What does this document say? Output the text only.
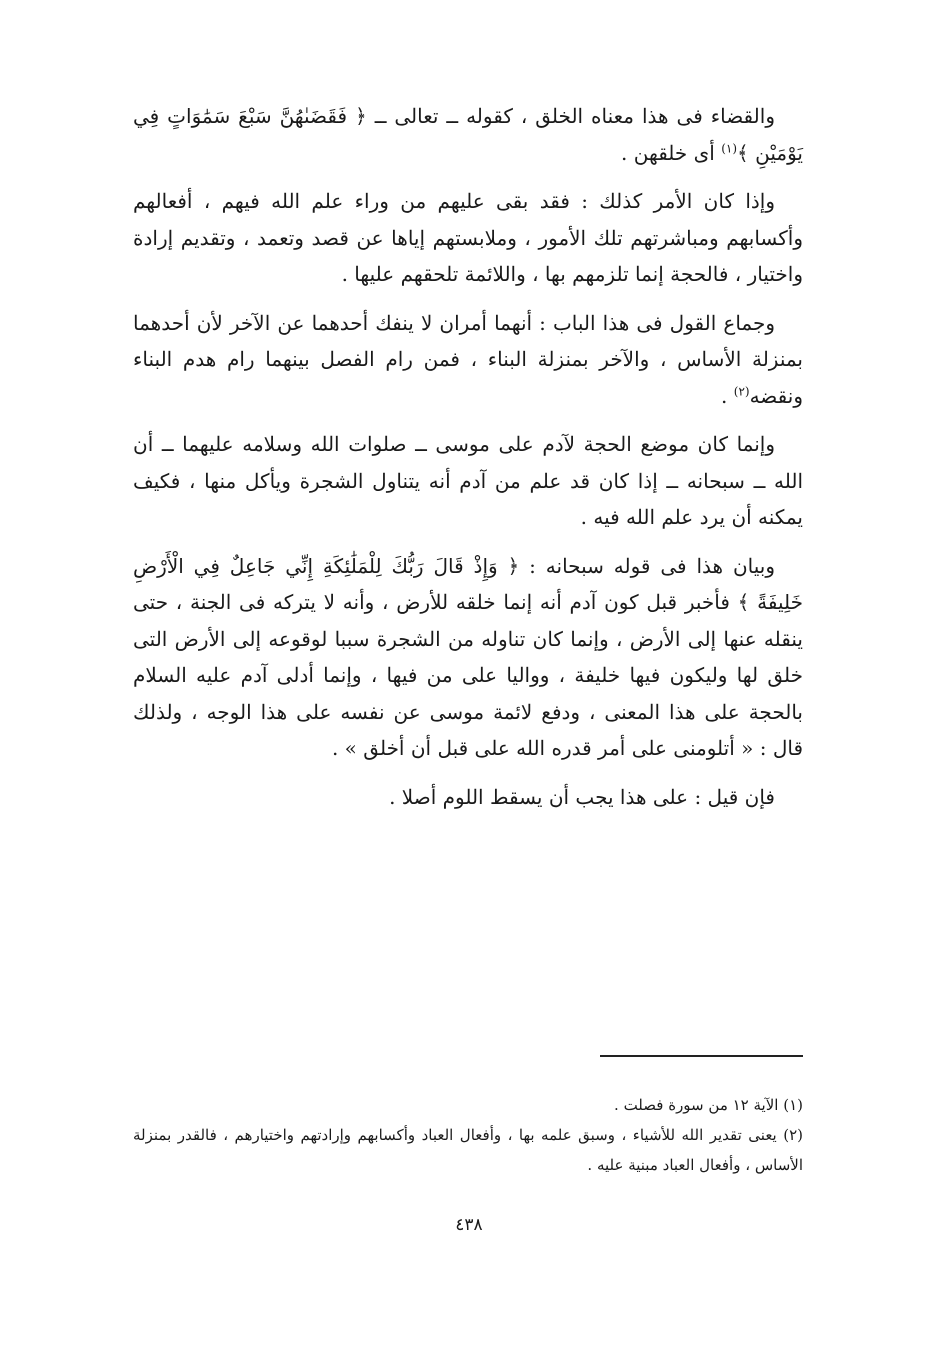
والقضاء فى هذا معناه الخلق ، كقوله ــ تعالى ــ ﴿ فَقَضَىٰهُنَّ سَبْعَ سَمَٰوَاتٍ فِي يَوْمَيْنِ ﴾$^{(١)}$ أى خلقهن .

وإذا كان الأمر كذلك : فقد بقى عليهم من وراء علم الله فيهم ، أفعالهم وأكسابهم ومباشرتهم تلك الأمور ، وملابستهم إياها عن قصد وتعمد ، وتقديم إرادة واختيار ، فالحجة إنما تلزمهم بها ، واللائمة تلحقهم عليها .

وجماع القول فى هذا الباب : أنهما أمران لا ينفك أحدهما عن الآخر لأن أحدهما بمنزلة الأساس ، والآخر بمنزلة البناء ، فمن رام الفصل بينهما رام هدم البناء ونقضه$^{(٢)}$ .

وإنما كان موضع الحجة لآدم على موسى ــ صلوات الله وسلامه عليهما ــ أن الله ــ سبحانه ــ إذا كان قد علم من آدم أنه يتناول الشجرة ويأكل منها ، فكيف يمكنه أن يرد علم الله فيه .

وبيان هذا فى قوله سبحانه : ﴿ وَإِذْ قَالَ رَبُّكَ لِلْمَلَٰئِكَةِ إِنِّي جَاعِلٌ فِي الْأَرْضِ خَلِيفَةً ﴾ فأخبر قبل كون آدم أنه إنما خلقه للأرض ، وأنه لا يتركه فى الجنة ، حتى ينقله عنها إلى الأرض ، وإنما كان تناوله من الشجرة سببا لوقوعه إلى الأرض التى خلق لها وليكون فيها خليفة ، وواليا على من فيها ، وإنما أدلى آدم عليه السلام بالحجة على هذا المعنى ، ودفع لائمة موسى عن نفسه على هذا الوجه ، ولذلك قال : « أتلومنى على أمر قدره الله على قبل أن أخلق » .

فإن قيل : على هذا يجب أن يسقط اللوم أصلا .

(١) الآية ١٢ من سورة فصلت .

(٢) يعنى تقدير الله للأشياء ، وسبق علمه بها ، وأفعال العباد وأكسابهم وإرادتهم واختيارهم ، فالقدر بمنزلة الأساس ، وأفعال العباد مبنية عليه .

٤٣٨
